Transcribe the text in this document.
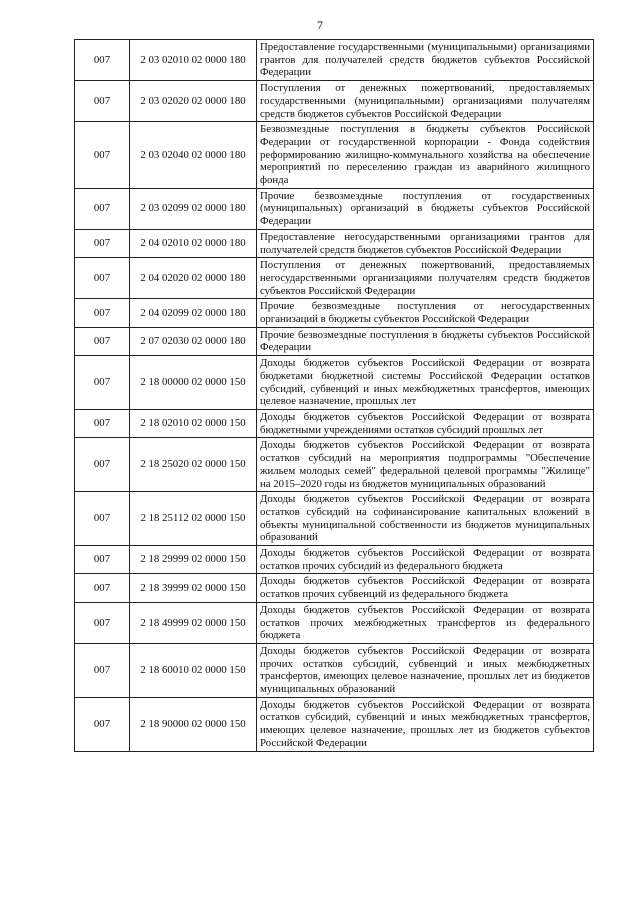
7
007	2 03 02010 02 0000 180	Предоставление государственными (муниципальными) организациями грантов для получателей средств бюджетов субъектов Российской Федерации
007	2 03 02020 02 0000 180	Поступления от денежных пожертвований, предоставляемых государственными (муниципальными) организациями получателям средств бюджетов субъектов Российской Федерации
007	2 03 02040 02 0000 180	Безвозмездные поступления в бюджеты субъектов Российской Федерации от государственной корпорации - Фонда содействия реформированию жилищно-коммунального хозяйства на обеспечение мероприятий по переселению граждан из аварийного жилищного фонда
007	2 03 02099 02 0000 180	Прочие безвозмездные поступления от государственных (муниципальных) организаций в бюджеты субъектов Российской Федерации
007	2 04 02010 02 0000 180	Предоставление негосударственными организациями грантов для получателей средств бюджетов субъектов Российской Федерации
007	2 04 02020 02 0000 180	Поступления от денежных пожертвований, предоставляемых негосударственными организациями получателям средств бюджетов субъектов Российской Федерации
007	2 04 02099 02 0000 180	Прочие безвозмездные поступления от негосударственных организаций в бюджеты субъектов Российской Федерации
007	2 07 02030 02 0000 180	Прочие безвозмездные поступления в бюджеты субъектов Российской Федерации
007	2 18 00000 02 0000 150	Доходы бюджетов субъектов Российской Федерации от возврата бюджетами бюджетной системы Российской Федерации остатков субсидий, субвенций и иных межбюджетных трансфертов, имеющих целевое назначение, прошлых лет
007	2 18 02010 02 0000 150	Доходы бюджетов субъектов Российской Федерации от возврата бюджетными учреждениями остатков субсидий прошлых лет
007	2 18 25020 02 0000 150	Доходы бюджетов субъектов Российской Федерации от возврата остатков субсидий на мероприятия подпрограммы "Обеспечение жильем молодых семей" федеральной целевой программы "Жилище" на 2015–2020 годы из бюджетов муниципальных образований
007	2 18 25112 02 0000 150	Доходы бюджетов субъектов Российской Федерации от возврата остатков субсидий на софинансирование капитальных вложений в объекты муниципальной собственности из бюджетов муниципальных образований
007	2 18 29999 02 0000 150	Доходы бюджетов субъектов Российской Федерации от возврата остатков прочих субсидий из федерального бюджета
007	2 18 39999 02 0000 150	Доходы бюджетов субъектов Российской Федерации от возврата остатков прочих субвенций из федерального бюджета
007	2 18 49999 02 0000 150	Доходы бюджетов субъектов Российской Федерации от возврата остатков прочих межбюджетных трансфертов из федерального бюджета
007	2 18 60010 02 0000 150	Доходы бюджетов субъектов Российской Федерации от возврата прочих остатков субсидий, субвенций и иных межбюджетных трансфертов, имеющих целевое назначение, прошлых лет из бюджетов муниципальных образований
007	2 18 90000 02 0000 150	Доходы бюджетов субъектов Российской Федерации от возврата остатков субсидий, субвенций и иных межбюджетных трансфертов, имеющих целевое назначение, прошлых лет из бюджетов субъектов Российской Федерации
